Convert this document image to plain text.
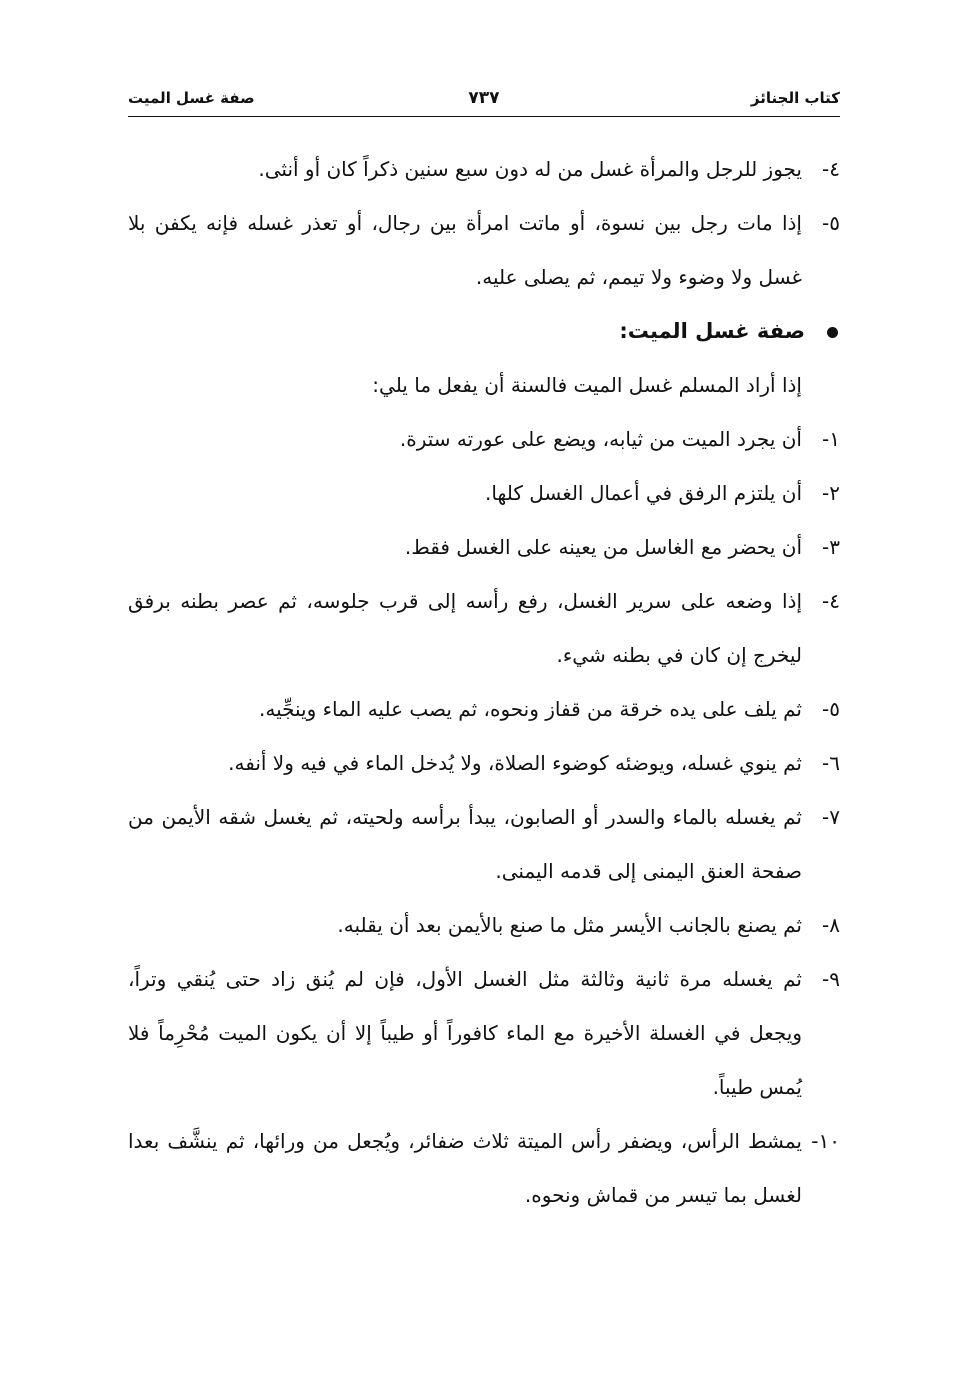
كتاب الجنائز
٧٣٧
صفة غسل الميت

٤-يجوز للرجل والمرأة غسل من له دون سبع سنين ذكراً كان أو أنثى.

٥-إذا مات رجل بين نسوة، أو ماتت امرأة بين رجال، أو تعذر غسله فإنه يكفن بلا غسل ولا وضوء ولا تيمم، ثم يصلى عليه.

صفة غسل الميت:

إذا أراد المسلم غسل الميت فالسنة أن يفعل ما يلي:

١-أن يجرد الميت من ثيابه، ويضع على عورته سترة.

٢-أن يلتزم الرفق في أعمال الغسل كلها.

٣-أن يحضر مع الغاسل من يعينه على الغسل فقط.

٤-إذا وضعه على سرير الغسل، رفع رأسه إلى قرب جلوسه، ثم عصر بطنه برفق ليخرج إن كان في بطنه شيء.

٥-ثم يلف على يده خرقة من قفاز ونحوه، ثم يصب عليه الماء وينجِّيه.

٦-ثم ينوي غسله، ويوضئه كوضوء الصلاة، ولا يُدخل الماء في فيه ولا أنفه.

٧-ثم يغسله بالماء والسدر أو الصابون، يبدأ برأسه ولحيته، ثم يغسل شقه الأيمن من صفحة العنق اليمنى إلى قدمه اليمنى.

٨-ثم يصنع بالجانب الأيسر مثل ما صنع بالأيمن بعد أن يقلبه.

٩-ثم يغسله مرة ثانية وثالثة مثل الغسل الأول، فإن لم يُنق زاد حتى يُنقي وتراً، ويجعل في الغسلة الأخيرة مع الماء كافوراً أو طيباً إلا أن يكون الميت مُحْرِماً فلا يُمس طيباً.

١٠-يمشط الرأس، ويضفر رأس الميتة ثلاث ضفائر، ويُجعل من ورائها، ثم ينشَّف بعدا لغسل بما تيسر من قماش ونحوه.
